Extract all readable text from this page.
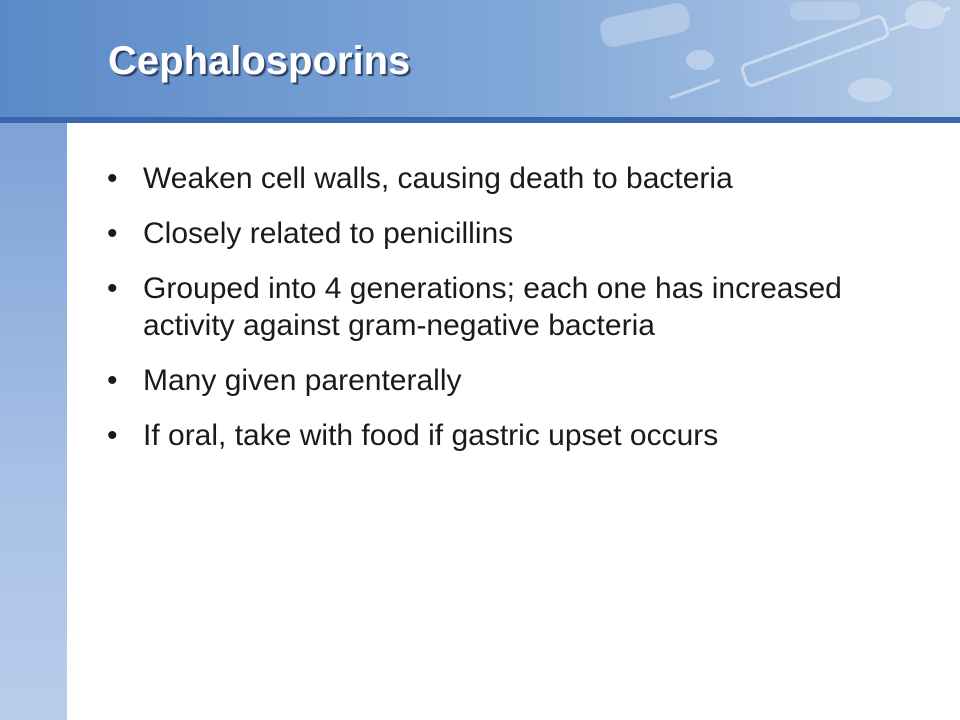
Cephalosporins
• Weaken cell walls, causing death to bacteria
• Closely related to penicillins
• Grouped into 4 generations; each one has increased activity against gram-negative bacteria
• Many given parenterally
• If oral, take with food if gastric upset occurs
